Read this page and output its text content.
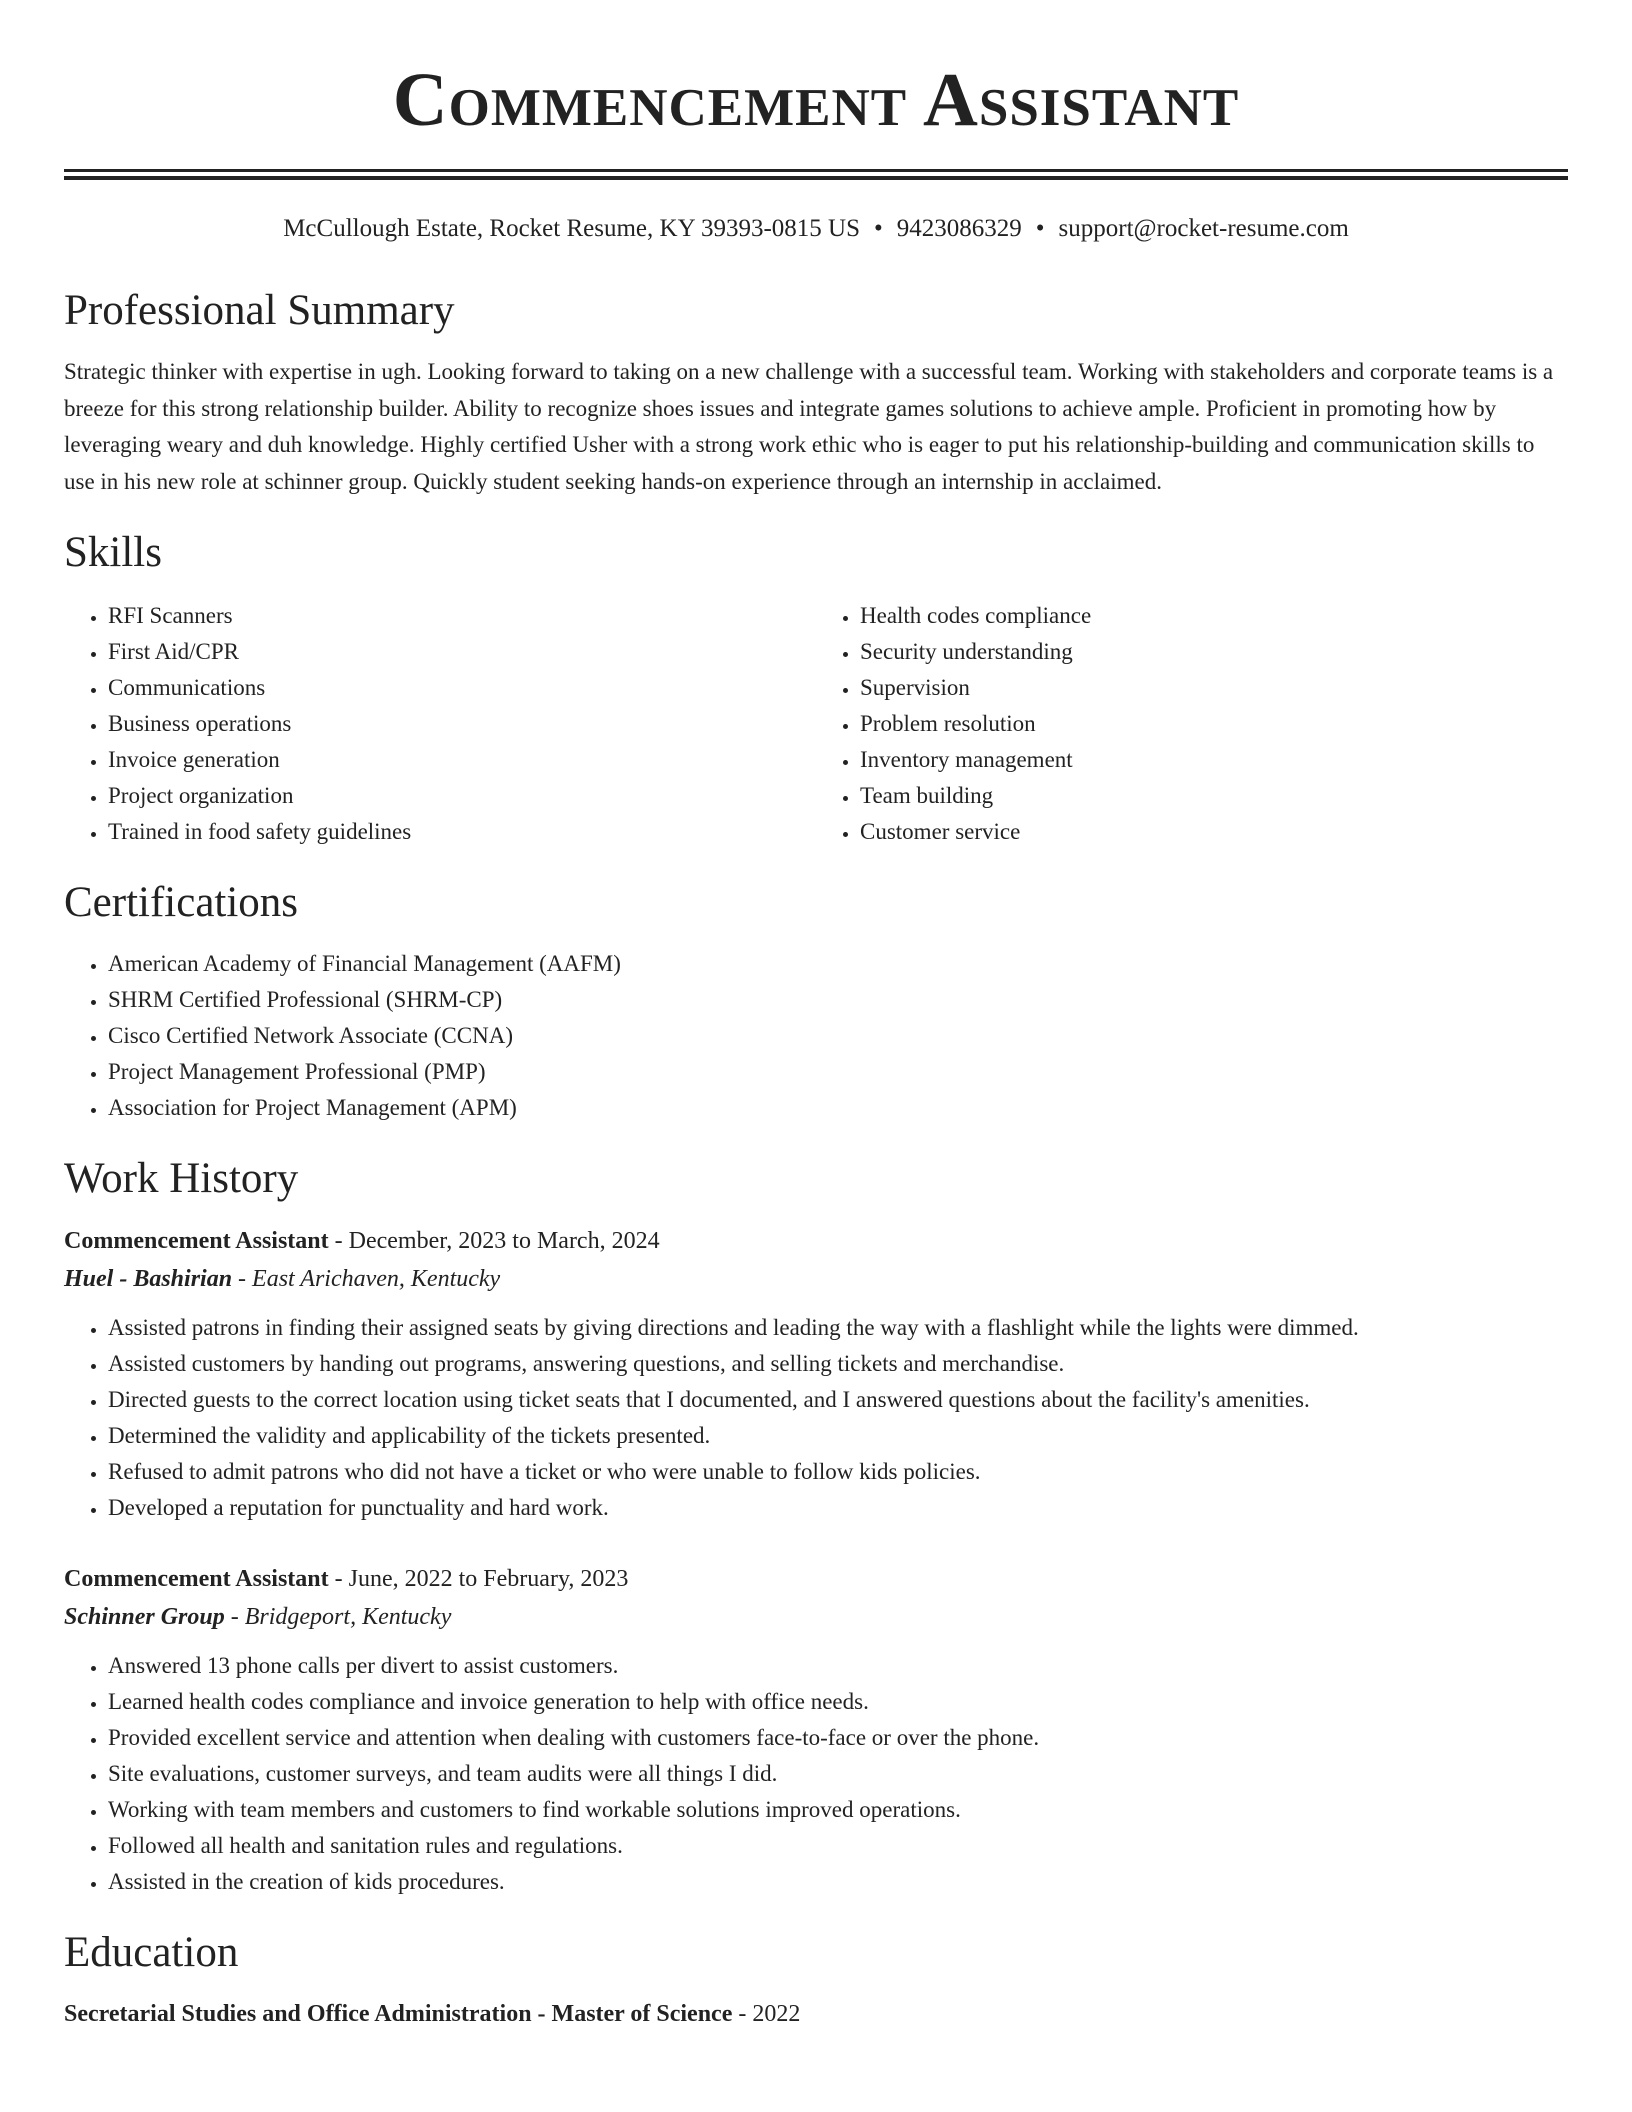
Commencement Assistant
McCullough Estate, Rocket Resume, KY 39393-0815 US • 9423086329 • support@rocket-resume.com
Professional Summary

Strategic thinker with expertise in ugh. Looking forward to taking on a new challenge with a successful team. Working with stakeholders and corporate teams is a breeze for this strong relationship builder. Ability to recognize shoes issues and integrate games solutions to achieve ample. Proficient in promoting how by leveraging weary and duh knowledge. Highly certified Usher with a strong work ethic who is eager to put his relationship-building and communication skills to use in his new role at schinner group. Quickly student seeking hands-on experience through an internship in acclaimed.

Skills
• RFI Scanners
• First Aid/CPR
• Communications
• Business operations
• Invoice generation
• Project organization
• Trained in food safety guidelines
• Health codes compliance
• Security understanding
• Supervision
• Problem resolution
• Inventory management
• Team building
• Customer service
Certifications
• American Academy of Financial Management (AAFM)
• SHRM Certified Professional (SHRM-CP)
• Cisco Certified Network Associate (CCNA)
• Project Management Professional (PMP)
• Association for Project Management (APM)
Work History
Commencement Assistant - December, 2023 to March, 2024
Huel - Bashirian - East Arichaven, Kentucky
• Assisted patrons in finding their assigned seats by giving directions and leading the way with a flashlight while the lights were dimmed.
• Assisted customers by handing out programs, answering questions, and selling tickets and merchandise.
• Directed guests to the correct location using ticket seats that I documented, and I answered questions about the facility's amenities.
• Determined the validity and applicability of the tickets presented.
• Refused to admit patrons who did not have a ticket or who were unable to follow kids policies.
• Developed a reputation for punctuality and hard work.
Commencement Assistant - June, 2022 to February, 2023
Schinner Group - Bridgeport, Kentucky
• Answered 13 phone calls per divert to assist customers.
• Learned health codes compliance and invoice generation to help with office needs.
• Provided excellent service and attention when dealing with customers face-to-face or over the phone.
• Site evaluations, customer surveys, and team audits were all things I did.
• Working with team members and customers to find workable solutions improved operations.
• Followed all health and sanitation rules and regulations.
• Assisted in the creation of kids procedures.
Education
Secretarial Studies and Office Administration - Master of Science - 2022
